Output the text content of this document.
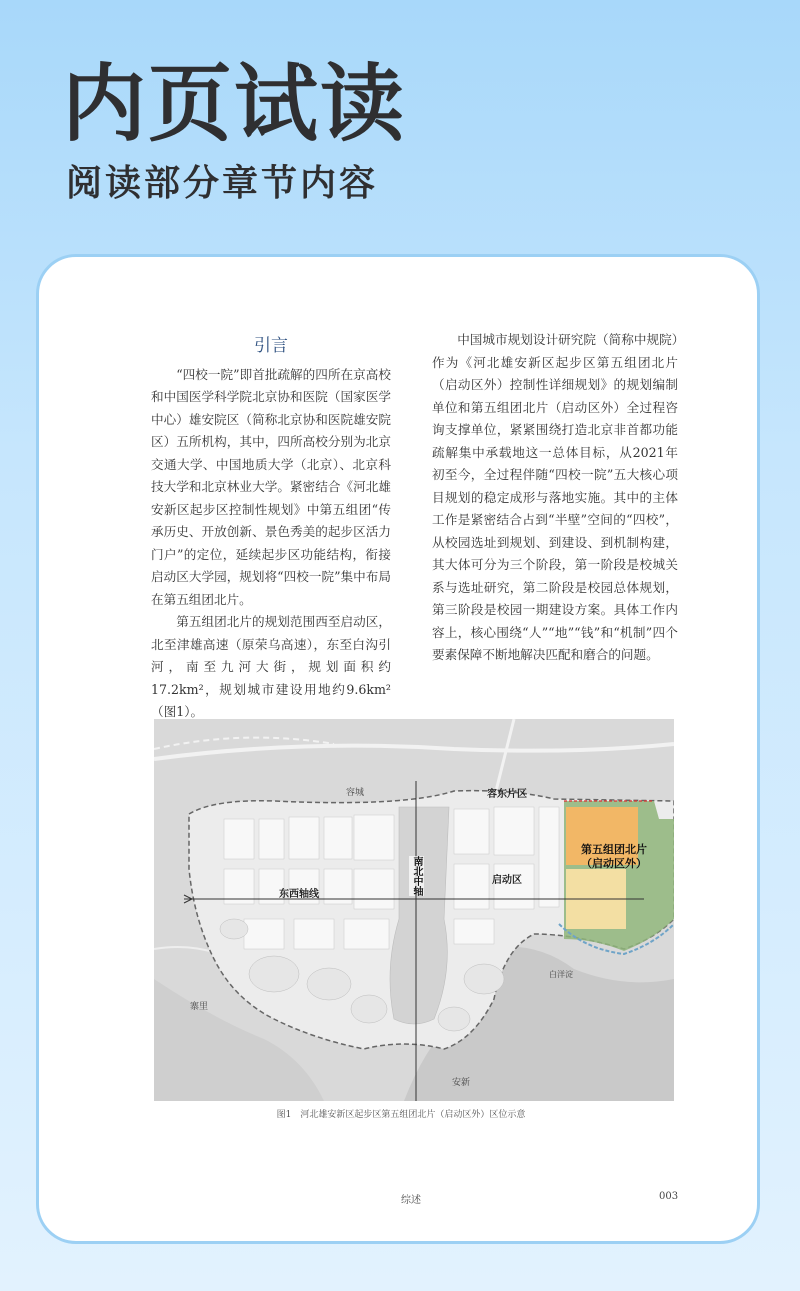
内页试读
阅读部分章节内容

引言

“四校一院”即首批疏解的四所在京高校和中国医学科学院北京协和医院（国家医学中心）雄安院区（简称北京协和医院雄安院区）五所机构，其中，四所高校分别为北京交通大学、中国地质大学（北京）、北京科技大学和北京林业大学。紧密结合《河北雄安新区起步区控制性规划》中第五组团“传承历史、开放创新、景色秀美的起步区活力门户”的定位，延续起步区功能结构，衔接启动区大学园，规划将“四校一院”集中布局在第五组团北片。

第五组团北片的规划范围西至启动区，北至津雄高速（原荣乌高速），东至白沟引河，南至九河大街，规划面积约17.2km²，规划城市建设用地约9.6km²（图1）。

中国城市规划设计研究院（简称中规院）作为《河北雄安新区起步区第五组团北片（启动区外）控制性详细规划》的规划编制单位和第五组团北片（启动区外）全过程咨询支撑单位，紧紧围绕打造北京非首都功能疏解集中承载地这一总体目标，从2021年初至今，全过程伴随“四校一院”五大核心项目规划的稳定成形与落地实施。其中的主体工作是紧密结合占到“半壁”空间的“四校”，从校园选址到规划、到建设、到机制构建，其大体可分为三个阶段，第一阶段是校城关系与选址研究，第二阶段是校园总体规划，第三阶段是校园一期建设方案。具体工作内容上，核心围绕“人”“地”“钱”和“机制”四个要素保障不断地解决匹配和磨合的问题。

容城	容东片区
第五组团北片
（启动区外）
南北中轴
东西轴线
启动区
寨里
安新
白洋淀
图1　河北雄安新区起步区第五组团北片（启动区外）区位示意
综述	003
